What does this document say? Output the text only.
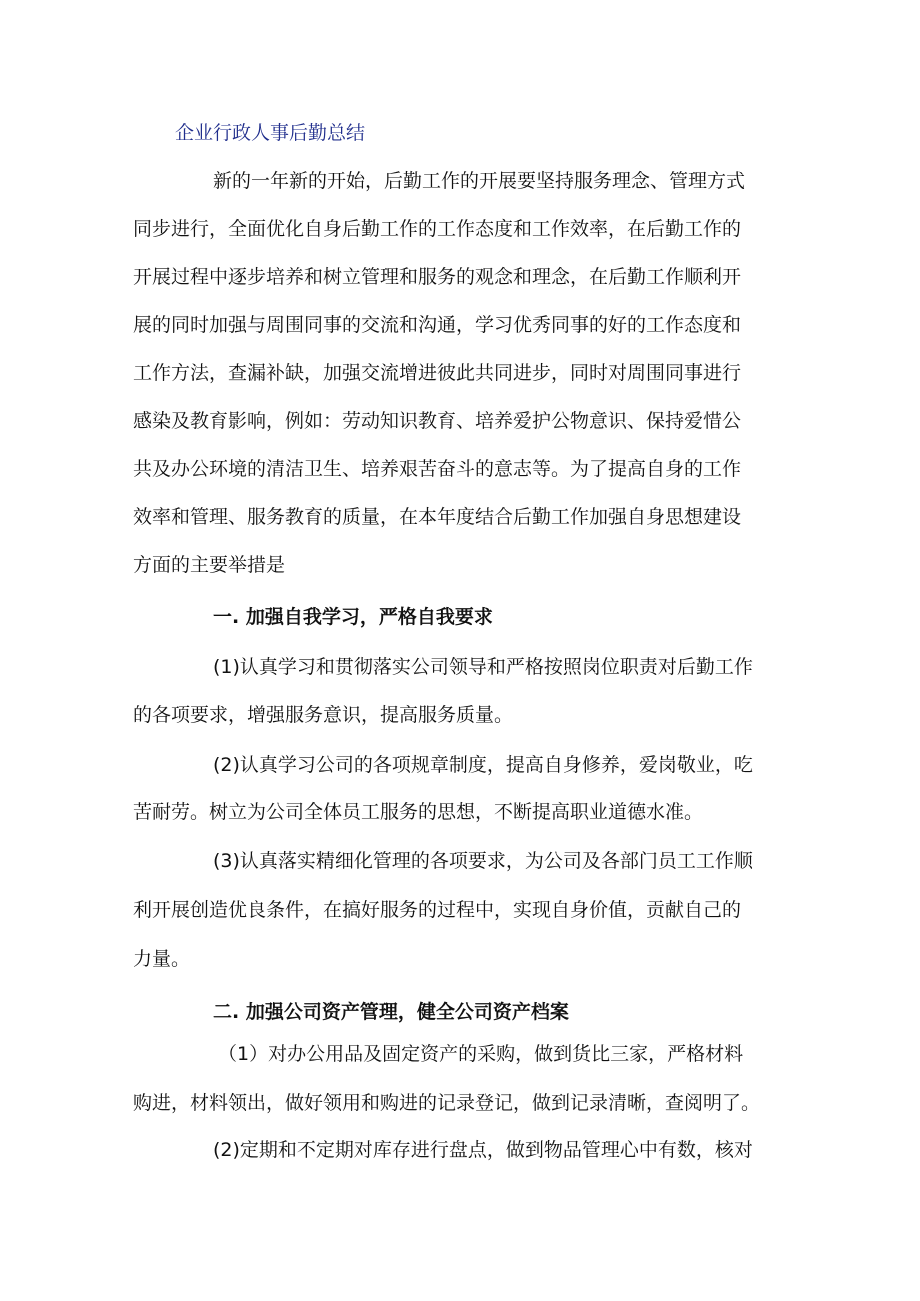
企业行政人事后勤总结
新的一年新的开始，后勤工作的开展要坚持服务理念、管理方式
同步进行，全面优化自身后勤工作的工作态度和工作效率，在后勤工作的
开展过程中逐步培养和树立管理和服务的观念和理念，在后勤工作顺利开
展的同时加强与周围同事的交流和沟通，学习优秀同事的好的工作态度和
工作方法，查漏补缺，加强交流增进彼此共同进步，同时对周围同事进行
感染及教育影响，例如：劳动知识教育、培养爱护公物意识、保持爱惜公
共及办公环境的清洁卫生、培养艰苦奋斗的意志等。为了提高自身的工作
效率和管理、服务教育的质量，在本年度结合后勤工作加强自身思想建设
方面的主要举措是
一. 加强自我学习，严格自我要求
(1)认真学习和贯彻落实公司领导和严格按照岗位职责对后勤工作
的各项要求，增强服务意识，提高服务质量。
(2)认真学习公司的各项规章制度，提高自身修养，爱岗敬业，吃
苦耐劳。树立为公司全体员工服务的思想，不断提高职业道德水准。
(3)认真落实精细化管理的各项要求，为公司及各部门员工工作顺
利开展创造优良条件，在搞好服务的过程中，实现自身价值，贡献自己的
力量。
二. 加强公司资产管理，健全公司资产档案
（1）对办公用品及固定资产的采购，做到货比三家，严格材料
购进，材料领出，做好领用和购进的记录登记，做到记录清晰，查阅明了。
(2)定期和不定期对库存进行盘点，做到物品管理心中有数，核对
